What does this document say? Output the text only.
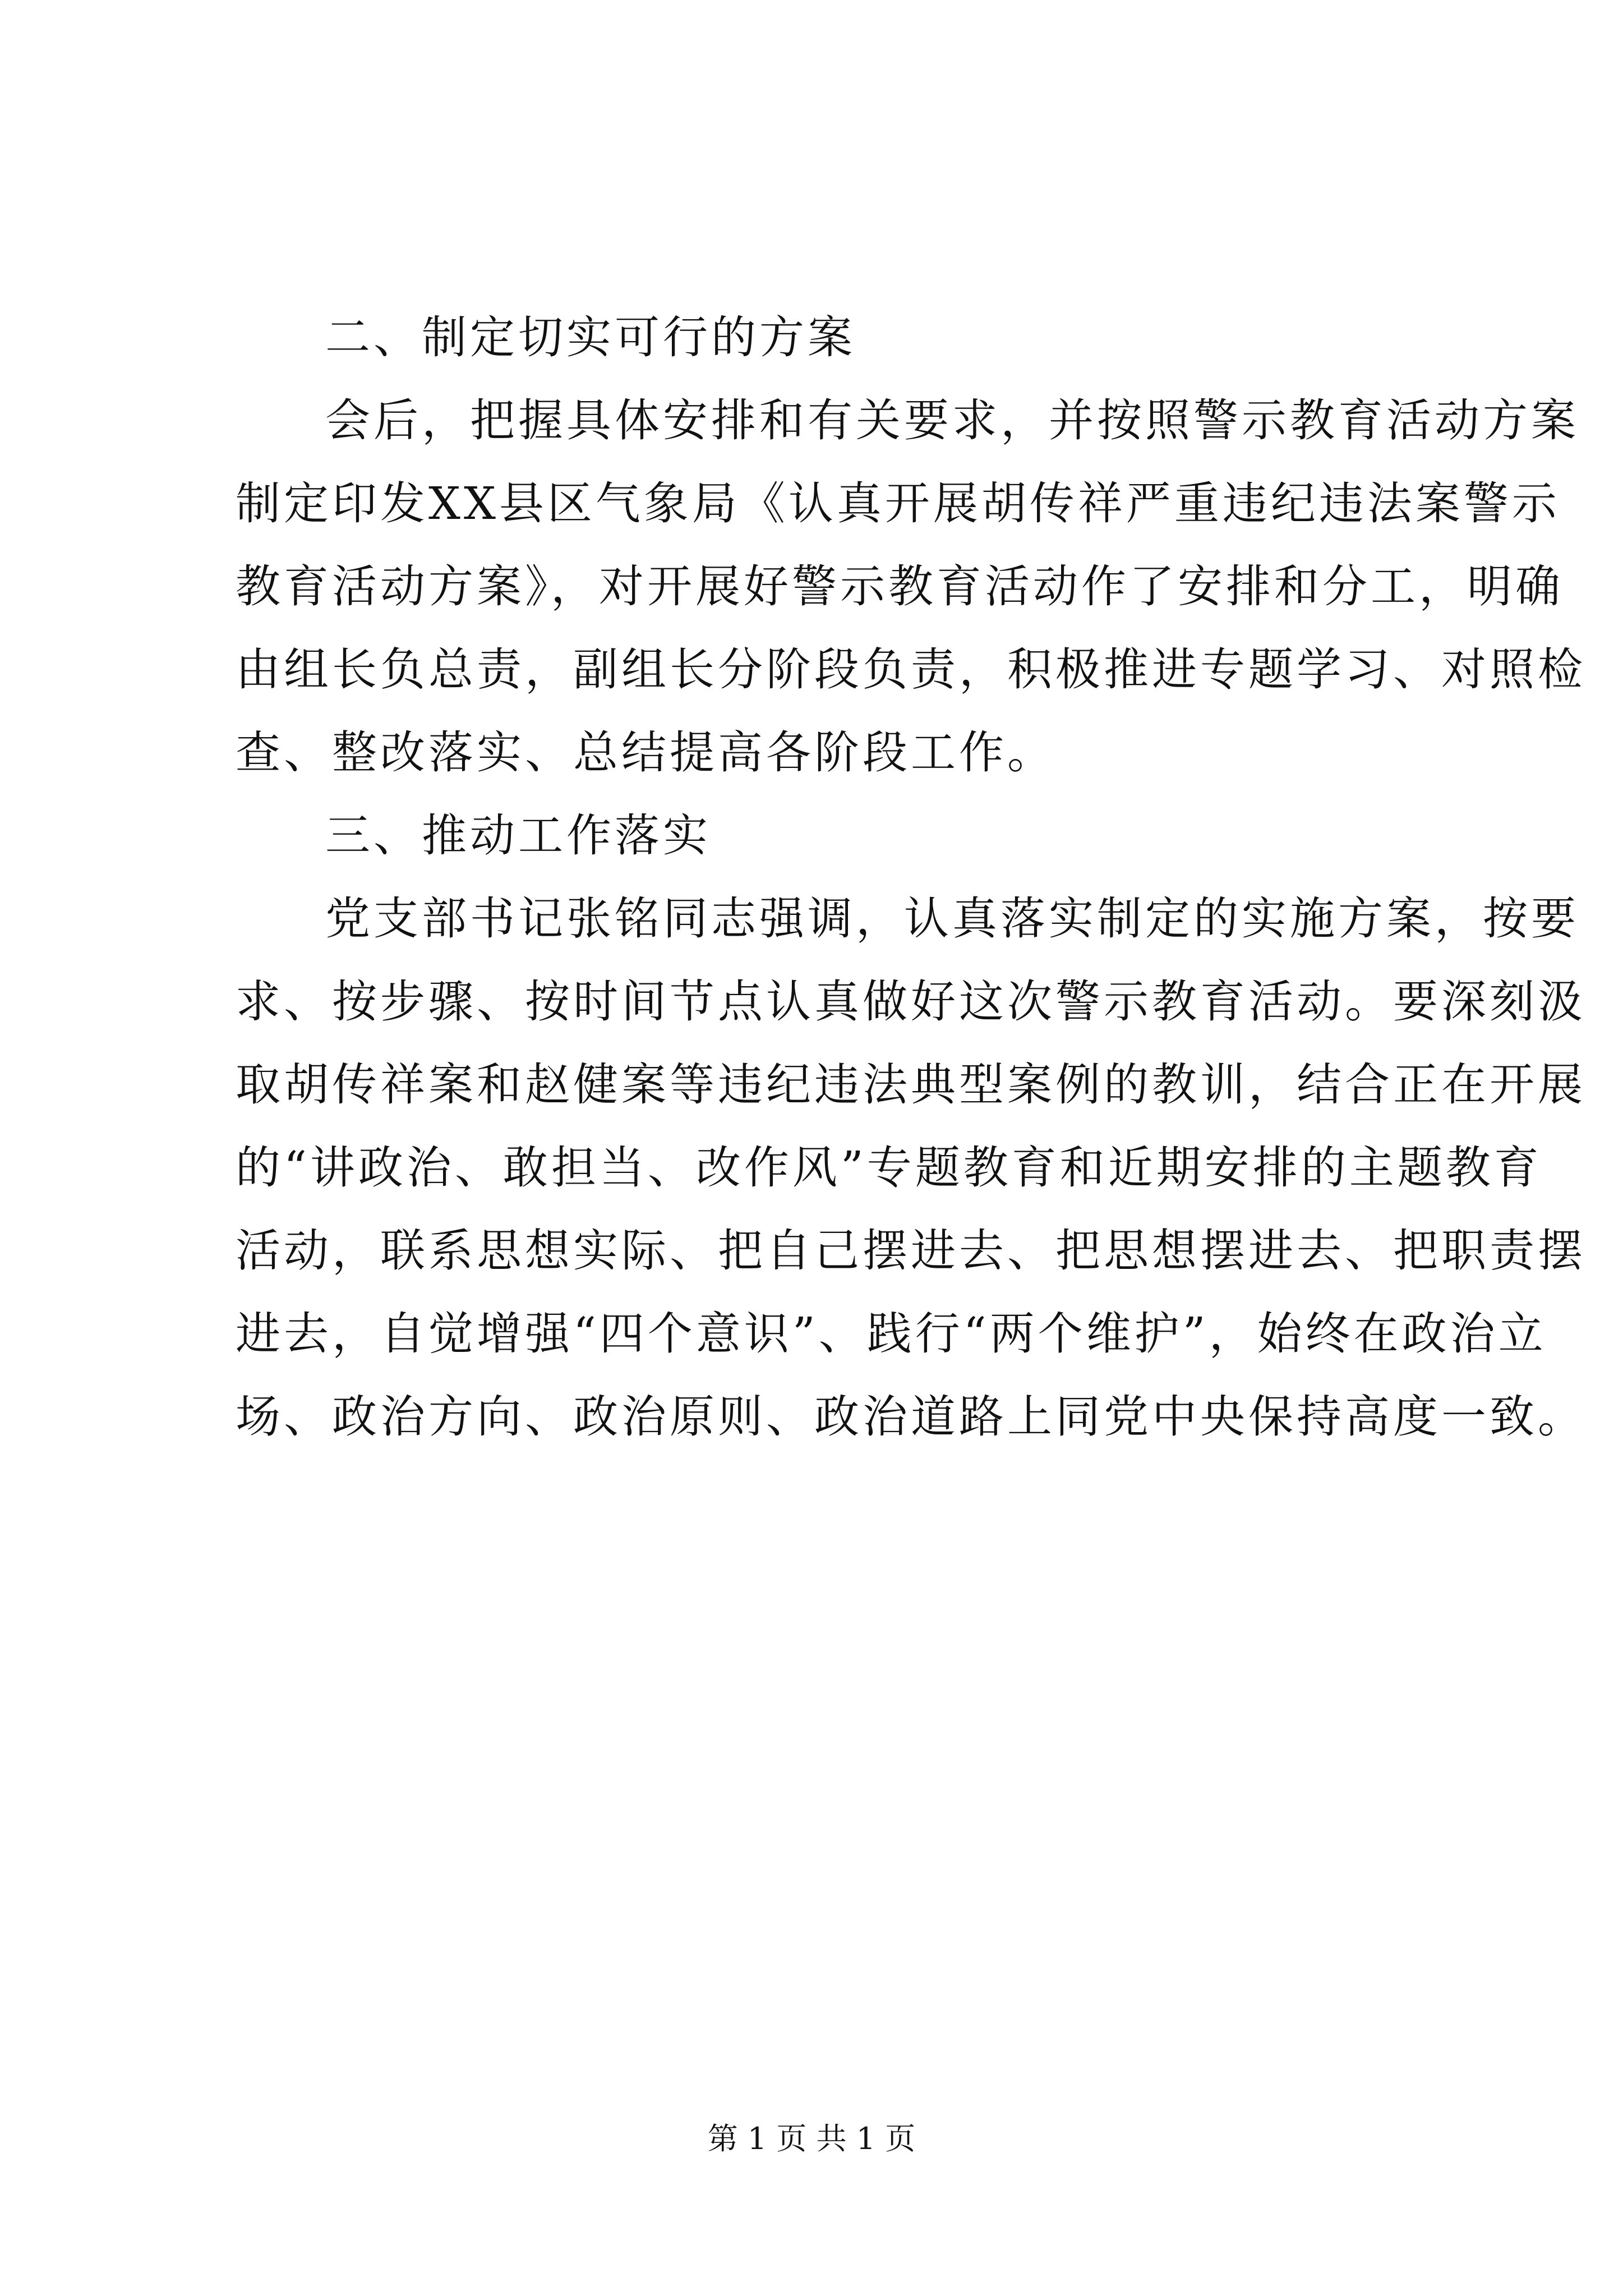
二、制定切实可行的方案
会后，把握具体安排和有关要求，并按照警示教育活动方案
制定印发XX县区气象局《认真开展胡传祥严重违纪违法案警示
教育活动方案》，对开展好警示教育活动作了安排和分工，明确
由组长负总责，副组长分阶段负责，积极推进专题学习、对照检
查、整改落实、总结提高各阶段工作。
三、推动工作落实
党支部书记张铭同志强调，认真落实制定的实施方案，按要
求、按步骤、按时间节点认真做好这次警示教育活动。要深刻汲
取胡传祥案和赵健案等违纪违法典型案例的教训，结合正在开展
的“讲政治、敢担当、改作风”专题教育和近期安排的主题教育
活动，联系思想实际、把自己摆进去、把思想摆进去、把职责摆
进去，自觉增强“四个意识”、践行“两个维护”，始终在政治立
场、政治方向、政治原则、政治道路上同党中央保持高度一致。
第 1 页 共 1 页
